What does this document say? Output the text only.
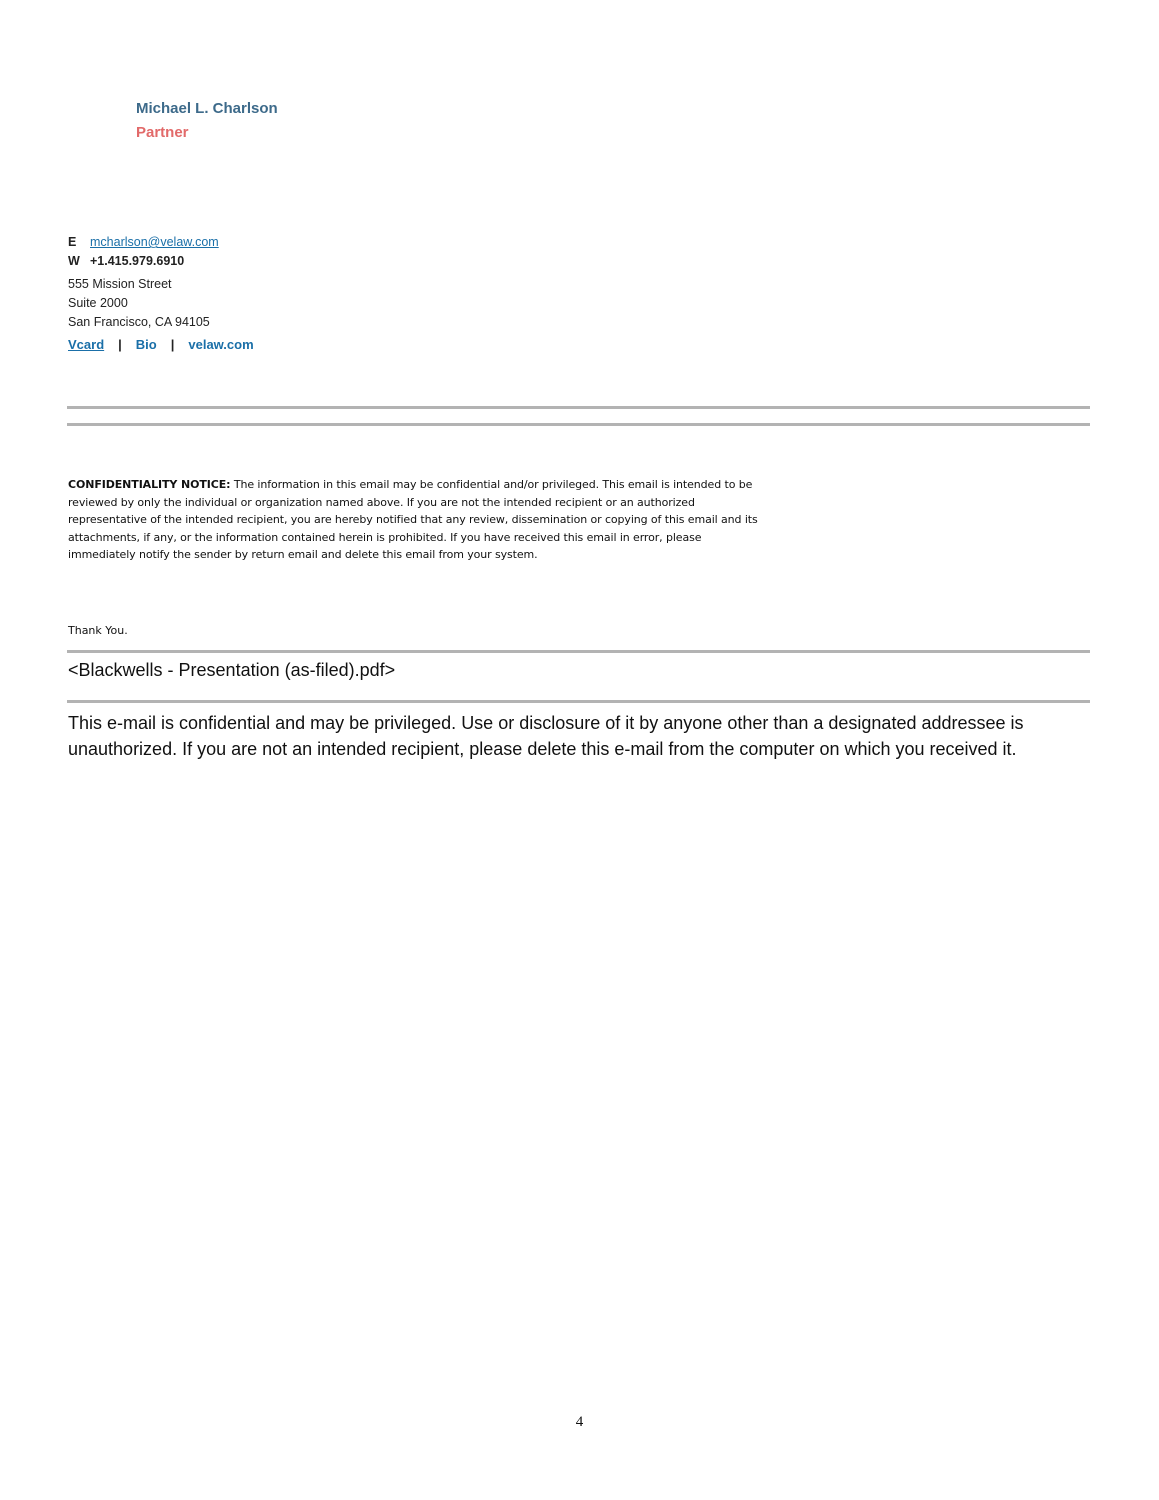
Michael L. Charlson
Partner
E mcharlson@velaw.com
W +1.415.979.6910
555 Mission Street
Suite 2000
San Francisco, CA 94105
Vcard | Bio | velaw.com
CONFIDENTIALITY NOTICE: The information in this email may be confidential and/or privileged. This email is intended to be reviewed by only the individual or organization named above. If you are not the intended recipient or an authorized representative of the intended recipient, you are hereby notified that any review, dissemination or copying of this email and its attachments, if any, or the information contained herein is prohibited. If you have received this email in error, please immediately notify the sender by return email and delete this email from your system.
Thank You.
<Blackwells - Presentation (as-filed).pdf>
This e-mail is confidential and may be privileged. Use or disclosure of it by anyone other than a designated addressee is unauthorized. If you are not an intended recipient, please delete this e-mail from the computer on which you received it.
4
